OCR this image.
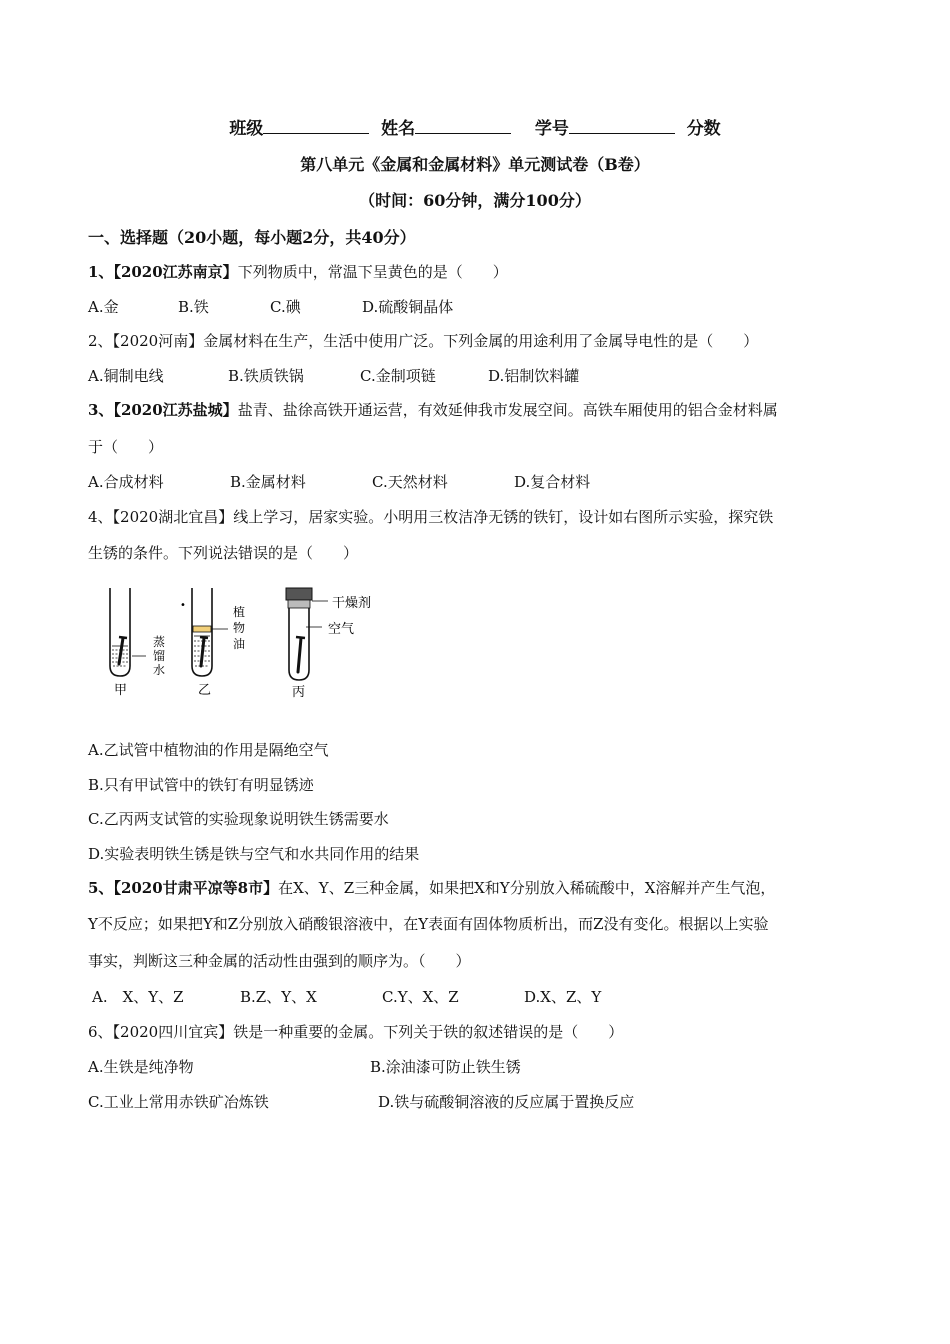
班级	姓名	学号	分数
第八单元《金属和金属材料》单元测试卷（B卷）
（时间：60分钟，满分100分）
一、选择题（20小题，每小题2分，共40分）
1、【2020江苏南京】下列物质中，常温下呈黄色的是（　　）
A.金	B.铁	C.碘	D.硫酸铜晶体
2、【2020河南】金属材料在生产，生活中使用广泛。下列金属的用途利用了金属导电性的是（　　）
A.铜制电线	B.铁质铁锅	C.金制项链	D.铝制饮料罐
3、【2020江苏盐城】盐青、盐徐高铁开通运营，有效延伸我市发展空间。高铁车厢使用的铝合金材料属
于（　　）
A.合成材料	B.金属材料	C.天然材料	D.复合材料
4、【2020湖北宜昌】线上学习，居家实验。小明用三枚洁净无锈的铁钉，设计如右图所示实验，探究铁
生锈的条件。下列说法错误的是（　　）
蒸
馏
水
甲
•	植
物
油
乙
干燥剂
空气
丙
A.乙试管中植物油的作用是隔绝空气
B.只有甲试管中的铁钉有明显锈迹
C.乙丙两支试管的实验现象说明铁生锈需要水
D.实验表明铁生锈是铁与空气和水共同作用的结果
5、【2020甘肃平凉等8市】在X、Y、Z三种金属，如果把X和Y分别放入稀硫酸中，X溶解并产生气泡，
Y不反应；如果把Y和Z分别放入硝酸银溶液中，在Y表面有固体物质析出，而Z没有变化。根据以上实验
事实，判断这三种金属的活动性由强到的顺序为。（　　）
A.　X、Y、Z	B.Z、Y、X	C.Y、X、Z	D.X、Z、Y
6、【2020四川宜宾】铁是一种重要的金属。下列关于铁的叙述错误的是（　　）
A.生铁是纯净物	B.涂油漆可防止铁生锈
C.工业上常用赤铁矿冶炼铁	D.铁与硫酸铜溶液的反应属于置换反应
